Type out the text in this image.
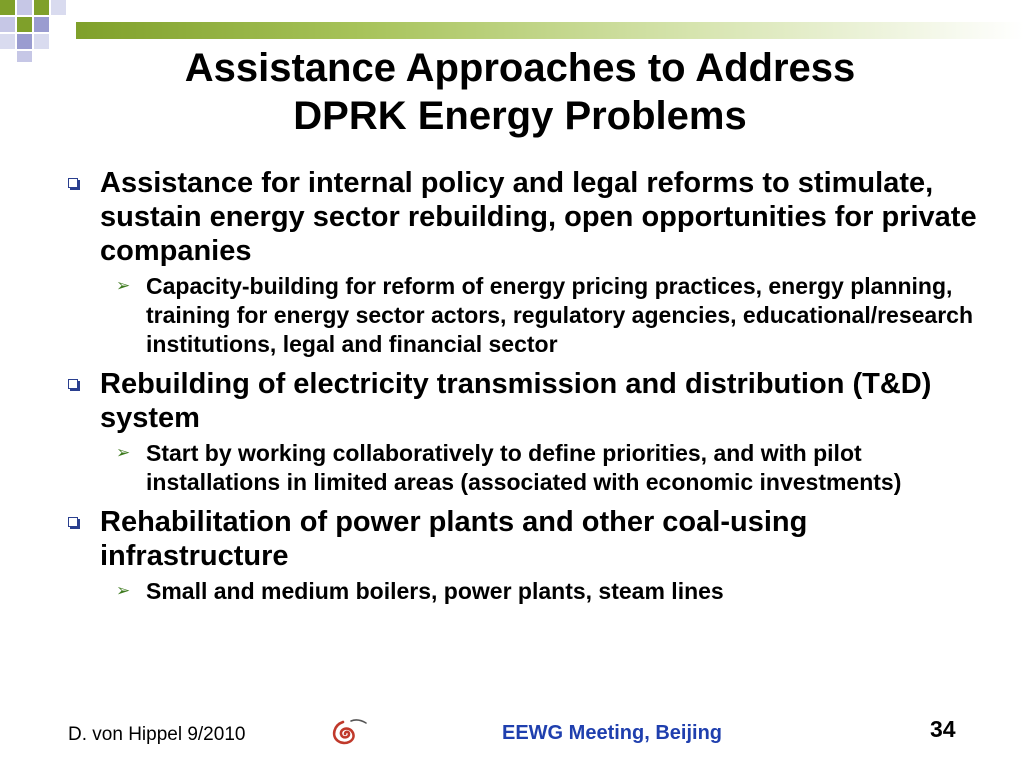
Assistance Approaches to Address
DPRK Energy Problems
Assistance for internal policy and legal reforms to stimulate, sustain energy sector rebuilding, open opportunities for private companies
➢ Capacity-building for reform of energy pricing practices, energy planning, training for energy sector actors, regulatory agencies, educational/research institutions, legal and financial sector
Rebuilding of electricity transmission and distribution (T&D) system
➢ Start by working collaboratively to define priorities, and with pilot installations in limited areas (associated with economic investments)
Rehabilitation of power plants and other coal-using infrastructure
➢ Small and medium boilers, power plants, steam lines
D. von Hippel 9/2010	EEWG Meeting, Beijing	34
